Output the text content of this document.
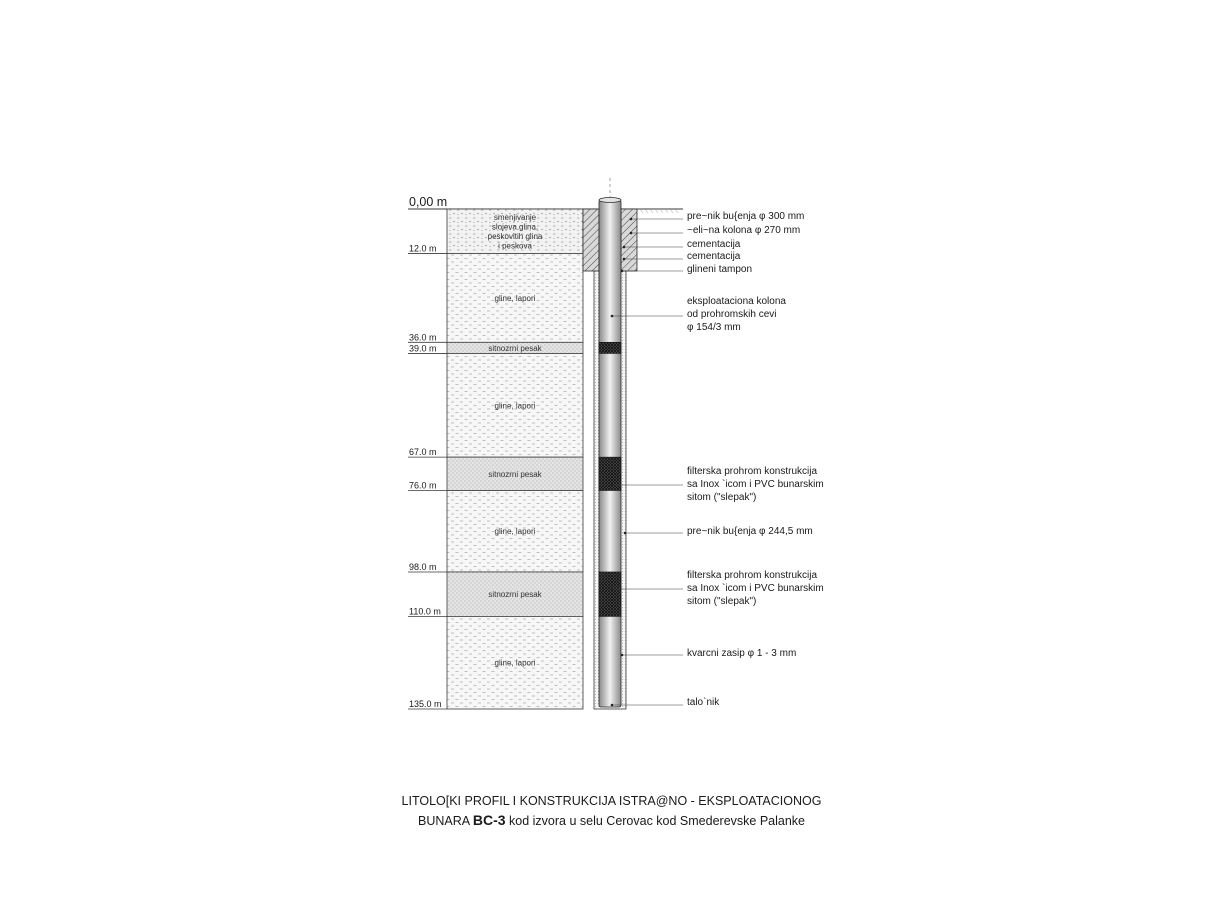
0,00 m
smenjivanje
slojeva glina,
peskovitih glina
i peskova
gline, lapori
sitnozrni pesak
gline, lapori
sitnozrni pesak
gline, lapori
sitnozrni pesak
gline, lapori
12.0 m
36.0 m
39.0 m
67.0 m
76.0 m
98.0 m
110.0 m
135.0 m
pre~nik bu{enja φ 300 mm
~eli~na kolona φ 270 mm
cementacija
cementacija
glineni tampon
eksploataciona kolona
od prohromskih cevi
φ 154/3 mm
filterska prohrom konstrukcija
sa Inox `icom i PVC bunarskim
sitom ("slepak")
pre~nik bu{enja φ 244,5 mm
filterska prohrom konstrukcija
sa Inox `icom i PVC bunarskim
sitom ("slepak")
kvarcni zasip φ 1 - 3 mm
talo`nik
LITOLO[KI PROFIL I KONSTRUKCIJA ISTRA@NO - EKSPLOATACIONOG
BUNARA BC-3 kod izvora u selu Cerovac kod Smederevske Palanke
